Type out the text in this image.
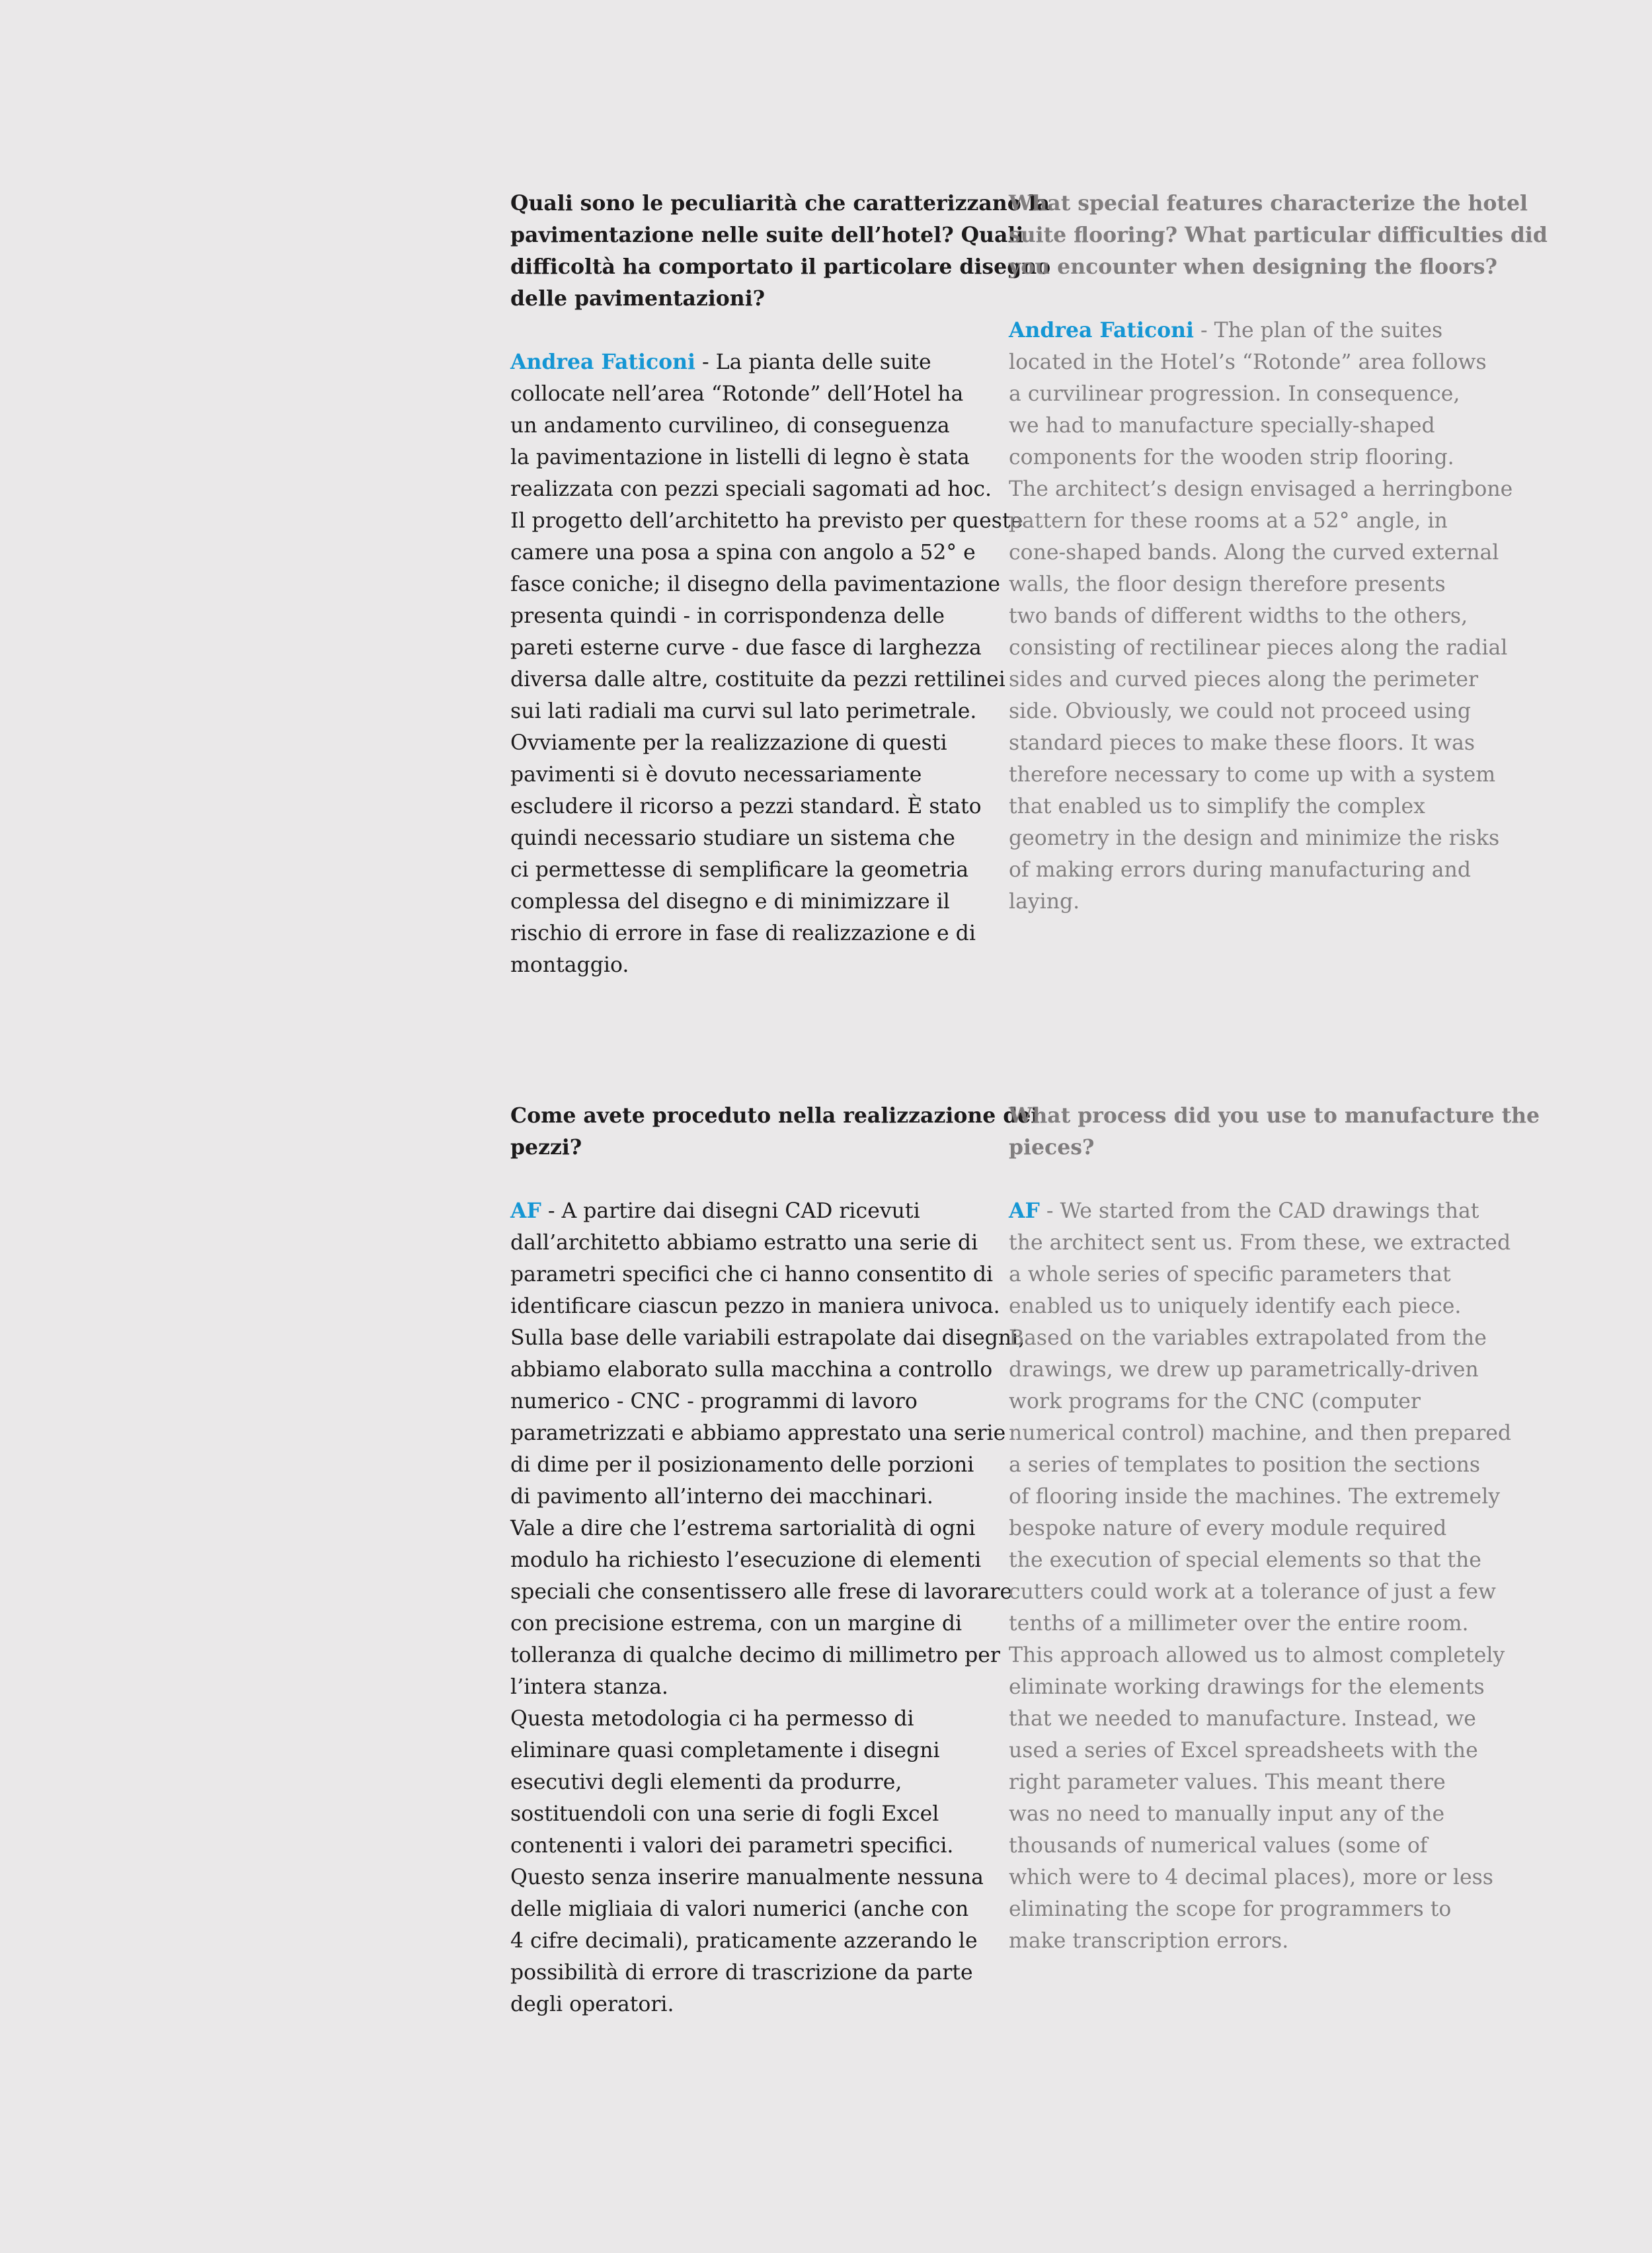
Quali sono le peculiarità che caratterizzano la
pavimentazione nelle suite dell’hotel? Quali
difficoltà ha comportato il particolare disegno
delle pavimentazioni?

Andrea Faticoni - La pianta delle suite
collocate nell’area “Rotonde” dell’Hotel ha
un andamento curvilineo, di conseguenza
la pavimentazione in listelli di legno è stata
realizzata con pezzi speciali sagomati ad hoc.
Il progetto dell’architetto ha previsto per queste
camere una posa a spina con angolo a 52° e
fasce coniche; il disegno della pavimentazione
presenta quindi - in corrispondenza delle
pareti esterne curve - due fasce di larghezza
diversa dalle altre, costituite da pezzi rettilinei
sui lati radiali ma curvi sul lato perimetrale.
Ovviamente per la realizzazione di questi
pavimenti si è dovuto necessariamente
escludere il ricorso a pezzi standard. È stato
quindi necessario studiare un sistema che
ci permettesse di semplificare la geometria
complessa del disegno e di minimizzare il
rischio di errore in fase di realizzazione e di
montaggio.

What special features characterize the hotel
suite flooring? What particular difficulties did
you encounter when designing the floors?

Andrea Faticoni - The plan of the suites
located in the Hotel’s “Rotonde” area follows
a curvilinear progression. In consequence,
we had to manufacture specially-shaped
components for the wooden strip flooring.
The architect’s design envisaged a herringbone
pattern for these rooms at a 52° angle, in
cone-shaped bands. Along the curved external
walls, the floor design therefore presents
two bands of different widths to the others,
consisting of rectilinear pieces along the radial
sides and curved pieces along the perimeter
side. Obviously, we could not proceed using
standard pieces to make these floors. It was
therefore necessary to come up with a system
that enabled us to simplify the complex
geometry in the design and minimize the risks
of making errors during manufacturing and
laying.

Come avete proceduto nella realizzazione dei
pezzi?

AF - A partire dai disegni CAD ricevuti
dall’architetto abbiamo estratto una serie di
parametri specifici che ci hanno consentito di
identificare ciascun pezzo in maniera univoca.
Sulla base delle variabili estrapolate dai disegni,
abbiamo elaborato sulla macchina a controllo
numerico - CNC - programmi di lavoro
parametrizzati e abbiamo apprestato una serie
di dime per il posizionamento delle porzioni
di pavimento all’interno dei macchinari.
Vale a dire che l’estrema sartorialità di ogni
modulo ha richiesto l’esecuzione di elementi
speciali che consentissero alle frese di lavorare
con precisione estrema, con un margine di
tolleranza di qualche decimo di millimetro per
l’intera stanza.
Questa metodologia ci ha permesso di
eliminare quasi completamente i disegni
esecutivi degli elementi da produrre,
sostituendoli con una serie di fogli Excel
contenenti i valori dei parametri specifici.
Questo senza inserire manualmente nessuna
delle migliaia di valori numerici (anche con
4 cifre decimali), praticamente azzerando le
possibilità di errore di trascrizione da parte
degli operatori.

What process did you use to manufacture the
pieces?

AF - We started from the CAD drawings that
the architect sent us. From these, we extracted
a whole series of specific parameters that
enabled us to uniquely identify each piece.
Based on the variables extrapolated from the
drawings, we drew up parametrically-driven
work programs for the CNC (computer
numerical control) machine, and then prepared
a series of templates to position the sections
of flooring inside the machines. The extremely
bespoke nature of every module required
the execution of special elements so that the
cutters could work at a tolerance of just a few
tenths of a millimeter over the entire room.
This approach allowed us to almost completely
eliminate working drawings for the elements
that we needed to manufacture. Instead, we
used a series of Excel spreadsheets with the
right parameter values. This meant there
was no need to manually input any of the
thousands of numerical values (some of
which were to 4 decimal places), more or less
eliminating the scope for programmers to
make transcription errors.
